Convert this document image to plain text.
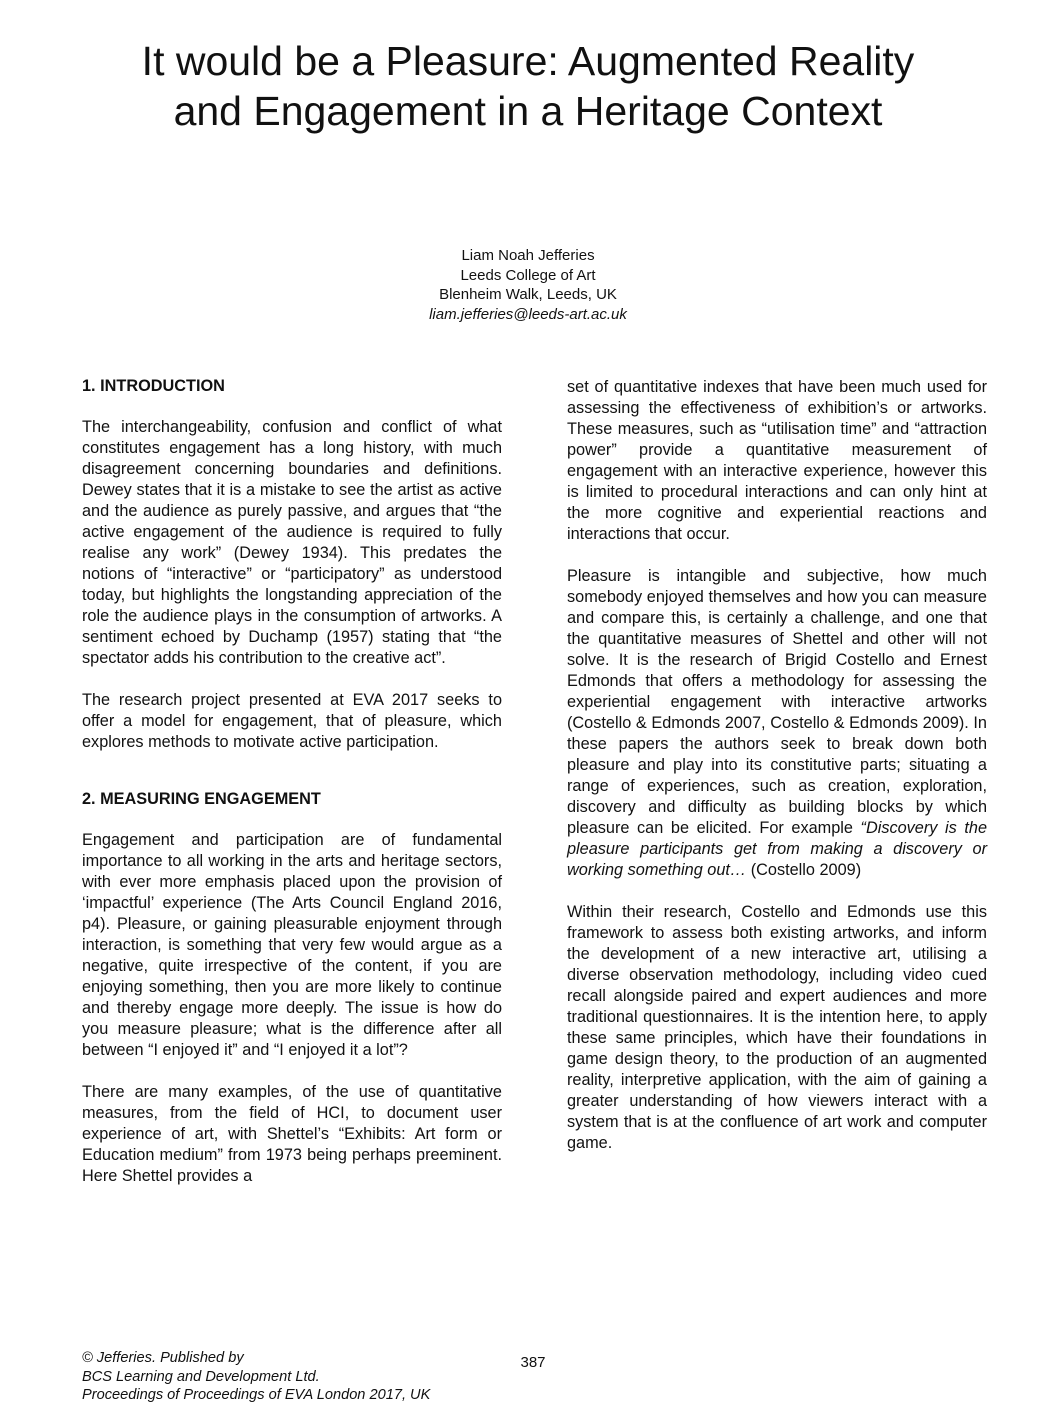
It would be a Pleasure: Augmented Reality
and Engagement in a Heritage Context
Liam Noah Jefferies
Leeds College of Art
Blenheim Walk, Leeds, UK
liam.jefferies@leeds-art.ac.uk
1. INTRODUCTION

The interchangeability, confusion and conflict of what constitutes engagement has a long history, with much disagreement concerning boundaries and definitions. Dewey states that it is a mistake to see the artist as active and the audience as purely passive, and argues that “the active engagement of the audience is required to fully realise any work” (Dewey 1934). This predates the notions of “interactive” or “participatory” as understood today, but highlights the longstanding appreciation of the role the audience plays in the consumption of artworks. A sentiment echoed by Duchamp (1957) stating that “the spectator adds his contribution to the creative act”.

The research project presented at EVA 2017 seeks to offer a model for engagement, that of pleasure, which explores methods to motivate active participation.

2. MEASURING ENGAGEMENT

Engagement and participation are of fundamental importance to all working in the arts and heritage sectors, with ever more emphasis placed upon the provision of ‘impactful’ experience (The Arts Council England 2016, p4). Pleasure, or gaining pleasurable enjoyment through interaction, is something that very few would argue as a negative, quite irrespective of the content, if you are enjoying something, then you are more likely to continue and thereby engage more deeply. The issue is how do you measure pleasure; what is the difference after all between “I enjoyed it” and “I enjoyed it a lot”?

There are many examples, of the use of quantitative measures, from the field of HCI, to document user experience of art, with Shettel’s “Exhibits: Art form or Education medium” from 1973 being perhaps preeminent. Here Shettel provides a

set of quantitative indexes that have been much used for assessing the effectiveness of exhibition’s or artworks. These measures, such as “utilisation time” and “attraction power” provide a quantitative measurement of engagement with an interactive experience, however this is limited to procedural interactions and can only hint at the more cognitive and experiential reactions and interactions that occur.

Pleasure is intangible and subjective, how much somebody enjoyed themselves and how you can measure and compare this, is certainly a challenge, and one that the quantitative measures of Shettel and other will not solve. It is the research of Brigid Costello and Ernest Edmonds that offers a methodology for assessing the experiential engagement with interactive artworks (Costello & Edmonds 2007, Costello & Edmonds 2009). In these papers the authors seek to break down both pleasure and play into its constitutive parts; situating a range of experiences, such as creation, exploration, discovery and difficulty as building blocks by which pleasure can be elicited. For example “Discovery is the pleasure participants get from making a discovery or working something out… (Costello 2009)

Within their research, Costello and Edmonds use this framework to assess both existing artworks, and inform the development of a new interactive art, utilising a diverse observation methodology, including video cued recall alongside paired and expert audiences and more traditional questionnaires. It is the intention here, to apply these same principles, which have their foundations in game design theory, to the production of an augmented reality, interpretive application, with the aim of gaining a greater understanding of how viewers interact with a system that is at the confluence of art work and computer game.

© Jefferies. Published by
BCS Learning and Development Ltd.
Proceedings of Proceedings of EVA London 2017, UK
387
